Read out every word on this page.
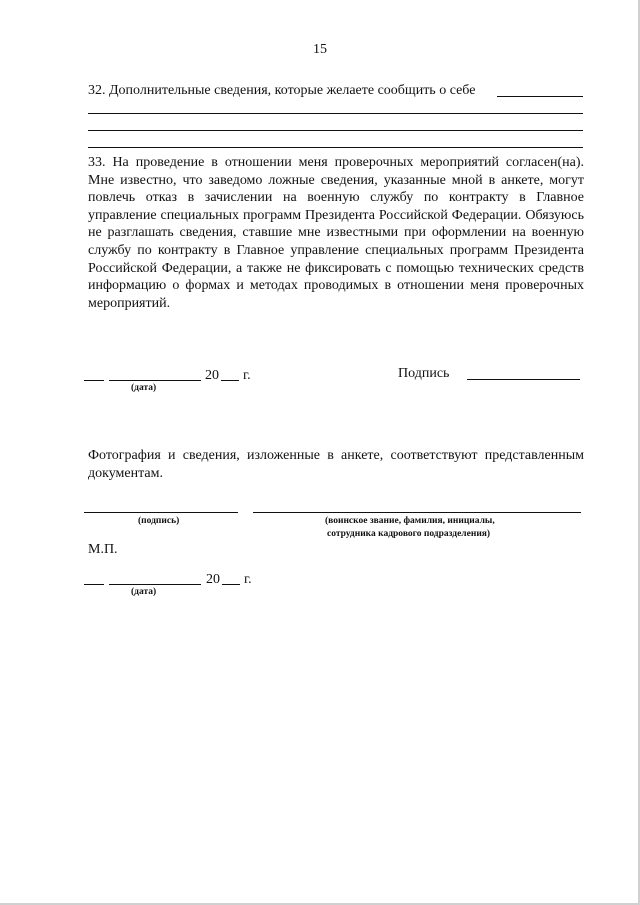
15
32. Дополнительные сведения, которые желаете сообщить о себе
33. На проведение в отношении меня проверочных мероприятий согласен(на). Мне известно, что заведомо ложные сведения, указанные мной в анкете, могут повлечь отказ в зачислении на военную службу по контракту в Главное управление специальных программ Президента Российской Федерации. Обязуюсь не разглашать сведения, ставшие мне известными при оформлении на военную службу по контракту в Главное управление специальных программ Президента Российской Федерации, а также не фиксировать с помощью технических средств информацию о формах и методах проводимых в отношении меня проверочных мероприятий.
20 г.
(дата)
Подпись
Фотография и сведения, изложенные в анкете, соответствуют представленным документам.
(подпись)	(воинское звание, фамилия, инициалы,
сотрудника кадрового подразделения)
М.П.
20 г.
(дата)
